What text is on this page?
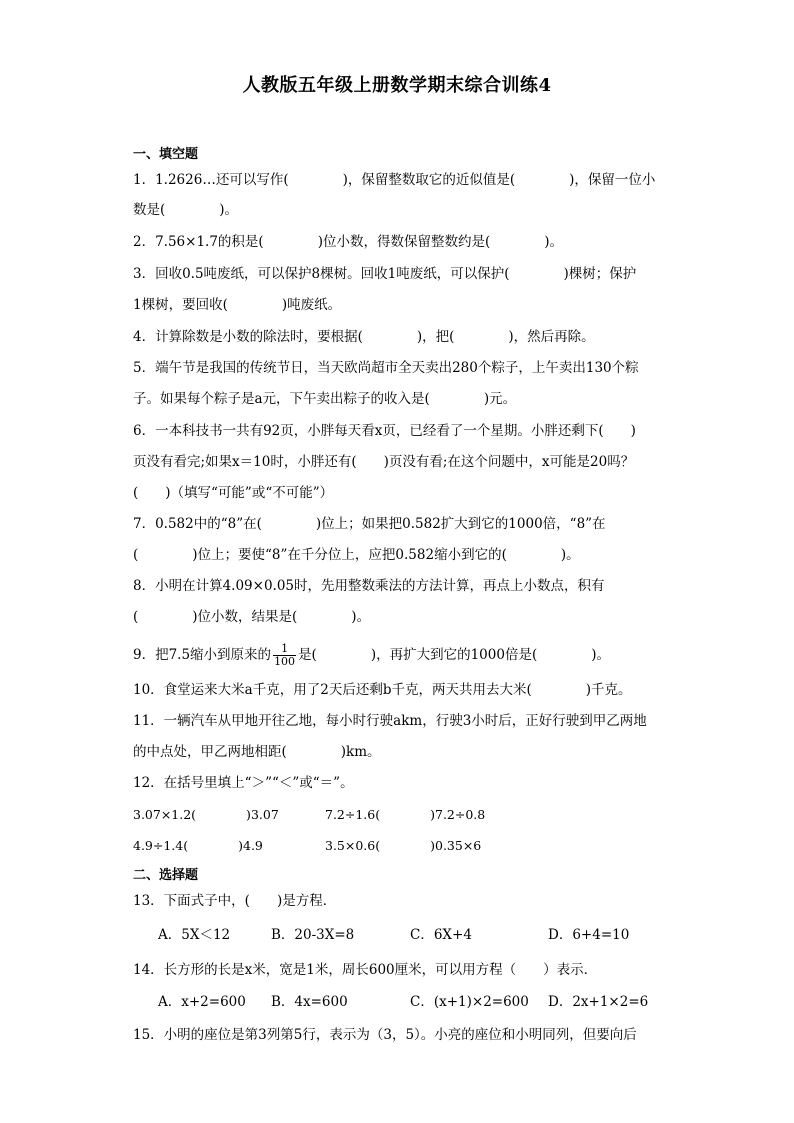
人教版五年级上册数学期末综合训练4
一、填空题
1．1.2626…还可以写作(　　　　)，保留整数取它的近似值是(　　　　)，保留一位小
数是(　　　　)。
2．7.56×1.7的积是(　　　　)位小数，得数保留整数约是(　　　　)。
3．回收0.5吨废纸，可以保护8棵树。回收1吨废纸，可以保护(　　　　)棵树；保护
1棵树，要回收(　　　　)吨废纸。
4．计算除数是小数的除法时，要根据(　　　　)，把(　　　　)，然后再除。
5．端午节是我国的传统节日，当天欧尚超市全天卖出280个粽子，上午卖出130个粽
子。如果每个粽子是a元，下午卖出粽子的收入是(　　　　)元。
6．一本科技书一共有92页，小胖每天看x页，已经看了一个星期。小胖还剩下(　　)
页没有看完;如果x＝10时，小胖还有(　　)页没有看;在这个问题中，x可能是20吗？
(　　)（填写“可能”或“不可能”）
7．0.582中的“8”在(　　　　)位上；如果把0.582扩大到它的1000倍，“8”在
(　　　　)位上；要使“8”在千分位上，应把0.582缩小到它的(　　　　)。
8．小明在计算4.09×0.05时，先用整数乘法的方法计算，再点上小数点，积有
(　　　　)位小数，结果是(　　　　)。
9．把7.5缩小到原来的 $\frac{1}{100}$ 是(　　　　)，再扩大到它的1000倍是(　　　　)。
10．食堂运来大米a千克，用了2天后还剩b千克，两天共用去大米(　　　　)千克。
11．一辆汽车从甲地开往乙地，每小时行驶akm，行驶3小时后，正好行驶到甲乙两地
的中点处，甲乙两地相距(　　　　)km。
12．在括号里填上“＞”“＜”或“＝”。
3.07×1.2(　　　　)3.07	7.2÷1.6(　　　　)7.2÷0.8
4.9÷1.4(　　　　)4.9	3.5×0.6(　　　　)0.35×6
二、选择题
13．下面式子中，(　　)是方程．
A．5X＜12	B．20-3X=8	C．6X+4	D．6+4=10
14．长方形的长是x米，宽是1米，周长600厘米，可以用方程（　　）表示．
A．x+2=600 B．4x=600	C．(x+1)×2=600 D．2x+1×2=6
15．小明的座位是第3列第5行，表示为（3，5）。小亮的座位和小明同列，但要向后
